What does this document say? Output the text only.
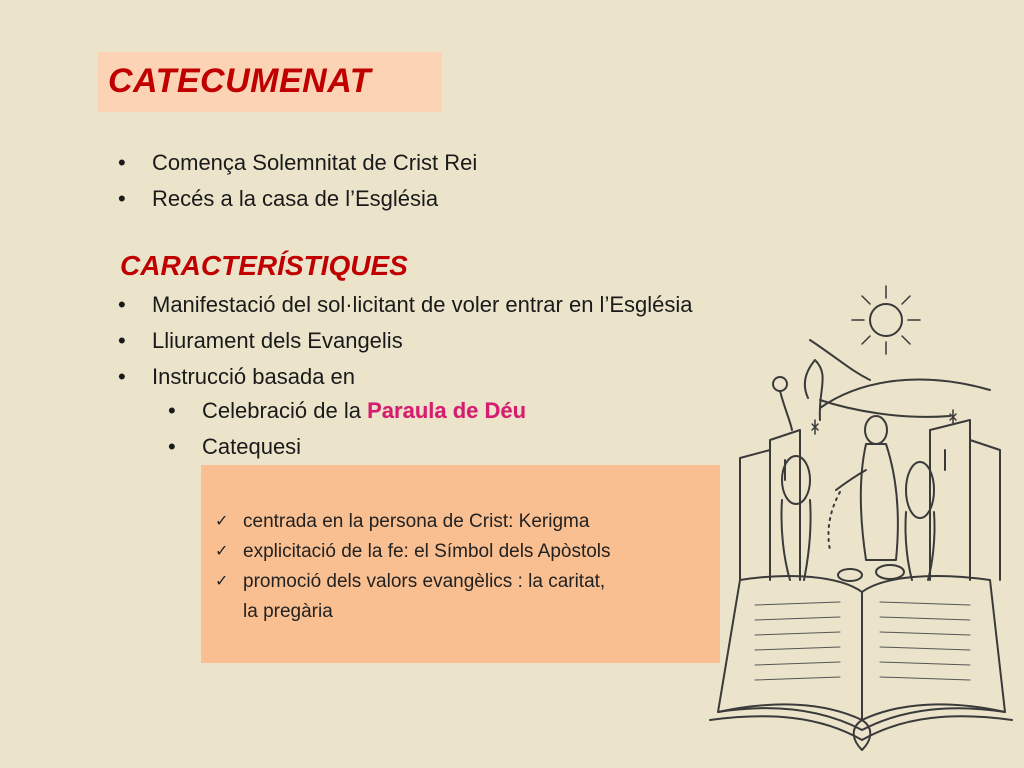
CATECUMENAT
• Comença Solemnitat de Crist Rei
• Recés a la casa de l’Església
CARACTERÍSTIQUES
• Manifestació del sol·licitant de voler entrar en l’Església
• Lliurament dels Evangelis
• Instrucció basada en
• Celebració de la Paraula de Déu
• Catequesi
✓ centrada en la persona de Crist: Kerigma
✓ explicitació de la fe: el Símbol dels Apòstols
✓ promoció dels valors evangèlics : la caritat,
la pregària
